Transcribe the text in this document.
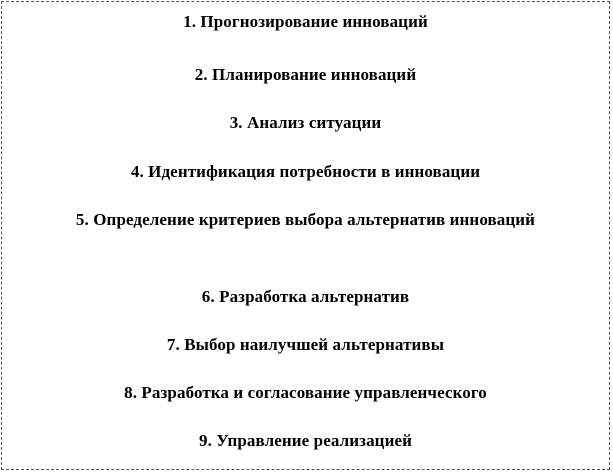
1. Прогнозирование инноваций
2. Планирование инноваций
3. Анализ ситуации
4. Идентификация потребности в инновации
5. Определение критериев выбора альтернатив инноваций
6. Разработка альтернатив
7. Выбор наилучшей альтернативы
8. Разработка и согласование управленческого
9. Управление реализацией
